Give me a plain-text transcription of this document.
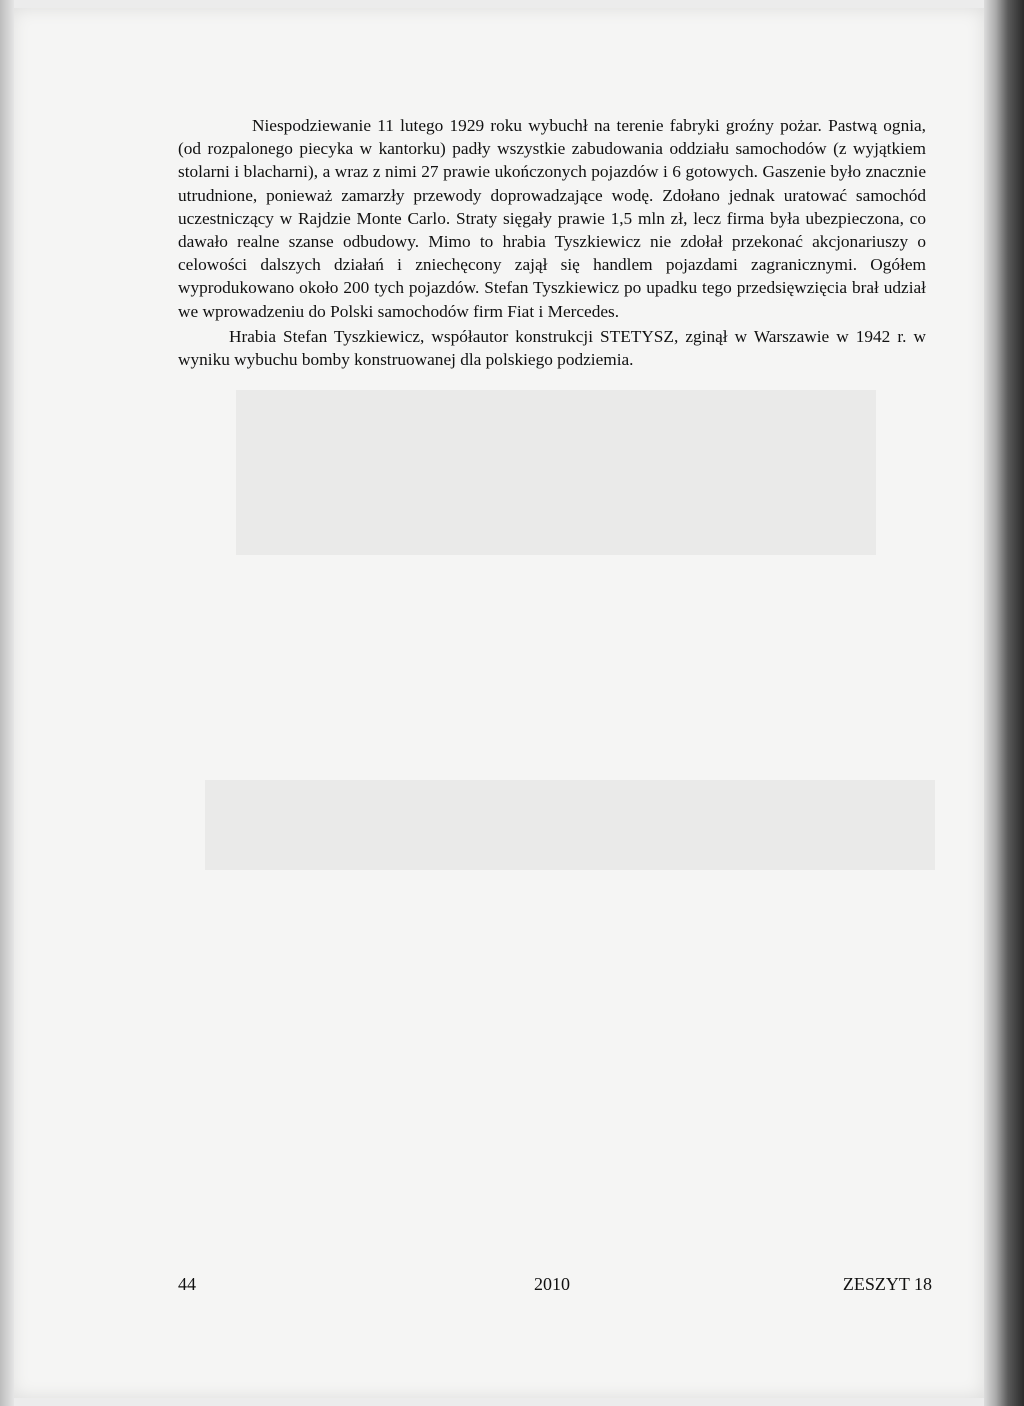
Niespodziewanie 11 lutego 1929 roku wybuchł na terenie fabryki groźny pożar. Pastwą ognia, (od rozpalonego piecyka w kantorku) padły wszystkie zabudowania oddziału samochodów (z wyjątkiem stolarni i blacharni), a wraz z nimi 27 prawie ukończonych pojazdów i 6 gotowych. Gaszenie było znacznie utrudnione, ponieważ zamarzły przewody doprowadzające wodę. Zdołano jednak uratować samochód uczestniczący w Rajdzie Monte Carlo. Straty sięgały prawie 1,5 mln zł, lecz firma była ubezpieczona, co dawało realne szanse odbudowy. Mimo to hrabia Tyszkiewicz nie zdołał przekonać akcjonariuszy o celowości dalszych działań i zniechęcony zajął się handlem pojazdami zagranicznymi. Ogółem wyprodukowano około 200 tych pojazdów. Stefan Tyszkiewicz po upadku tego przedsięwzięcia brał udział we wprowadzeniu do Polski samochodów firm Fiat i Mercedes.

Hrabia Stefan Tyszkiewicz, współautor konstrukcji STETYSZ, zginął w Warszawie w 1942 r. w wyniku wybuchu bomby konstruowanej dla polskiego podziemia.

44	2010	ZESZYT 18
